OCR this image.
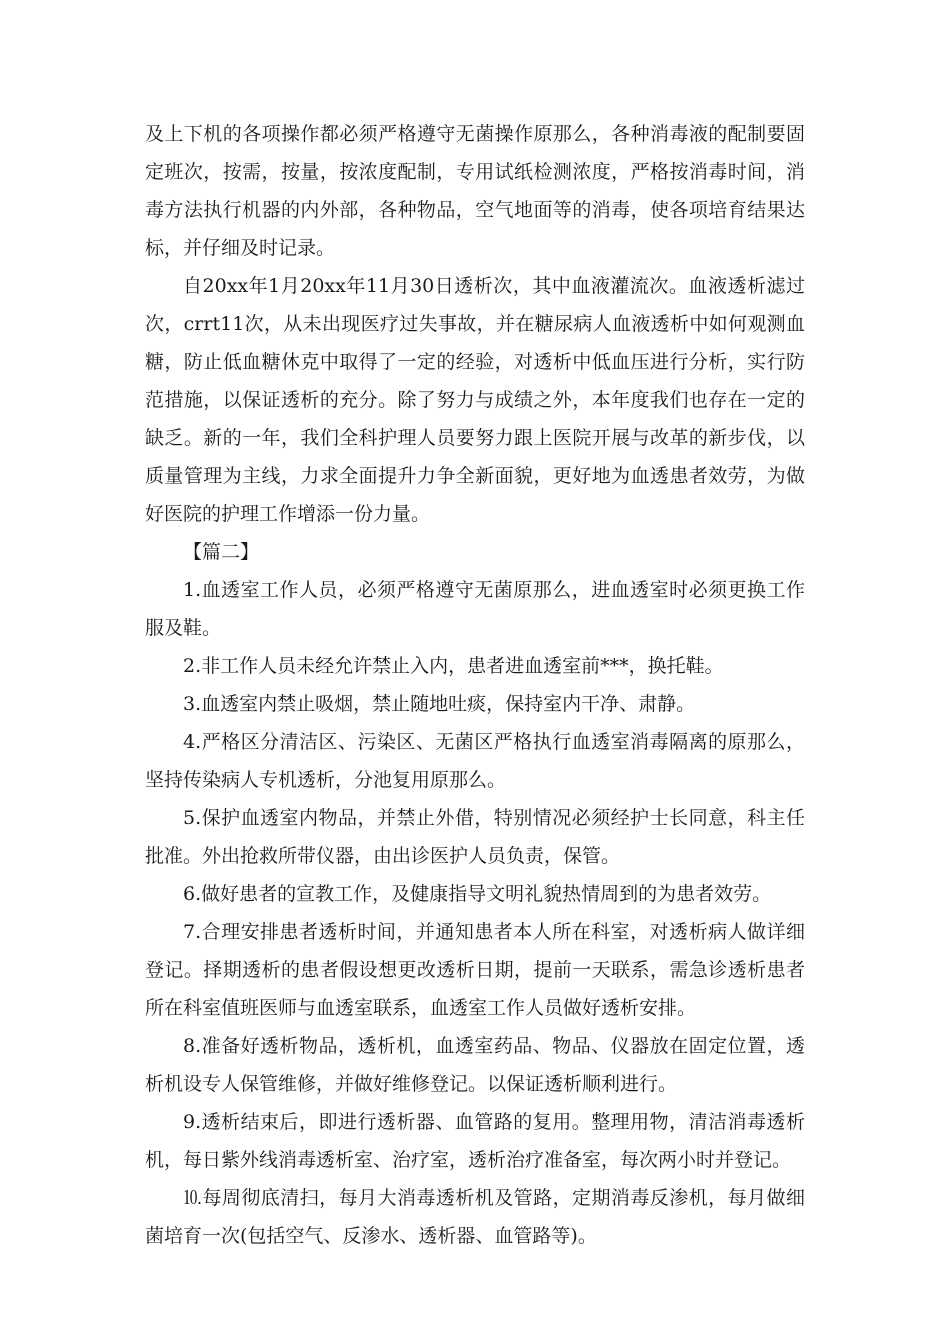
及上下机的各项操作都必须严格遵守无菌操作原那么，各种消毒液的配制要固定班次，按需，按量，按浓度配制，专用试纸检测浓度，严格按消毒时间，消毒方法执行机器的内外部，各种物品，空气地面等的消毒，使各项培育结果达标，并仔细及时记录。

自20xx年1月20xx年11月30日透析次，其中血液灌流次。血液透析滤过次，crrt11次，从未出现医疗过失事故，并在糖尿病人血液透析中如何观测血糖，防止低血糖休克中取得了一定的经验，对透析中低血压进行分析，实行防范措施，以保证透析的充分。除了努力与成绩之外，本年度我们也存在一定的缺乏。新的一年，我们全科护理人员要努力跟上医院开展与改革的新步伐，以质量管理为主线，力求全面提升力争全新面貌，更好地为血透患者效劳，为做好医院的护理工作增添一份力量。

【篇二】

1.血透室工作人员，必须严格遵守无菌原那么，进血透室时必须更换工作服及鞋。

2.非工作人员未经允许禁止入内，患者进血透室前***，换托鞋。

3.血透室内禁止吸烟，禁止随地吐痰，保持室内干净、肃静。

4.严格区分清洁区、污染区、无菌区严格执行血透室消毒隔离的原那么，坚持传染病人专机透析，分池复用原那么。

5.保护血透室内物品，并禁止外借，特别情况必须经护士长同意，科主任批准。外出抢救所带仪器，由出诊医护人员负责，保管。

6.做好患者的宣教工作，及健康指导文明礼貌热情周到的为患者效劳。

7.合理安排患者透析时间，并通知患者本人所在科室，对透析病人做详细登记。择期透析的患者假设想更改透析日期，提前一天联系，需急诊透析患者所在科室值班医师与血透室联系，血透室工作人员做好透析安排。

8.准备好透析物品，透析机，血透室药品、物品、仪器放在固定位置，透析机设专人保管维修，并做好维修登记。以保证透析顺利进行。

9.透析结束后，即进行透析器、血管路的复用。整理用物，清洁消毒透析机，每日紫外线消毒透析室、治疗室，透析治疗准备室，每次两小时并登记。

⒑每周彻底清扫，每月大消毒透析机及管路，定期消毒反渗机，每月做细菌培育一次(包括空气、反渗水、透析器、血管路等)。
